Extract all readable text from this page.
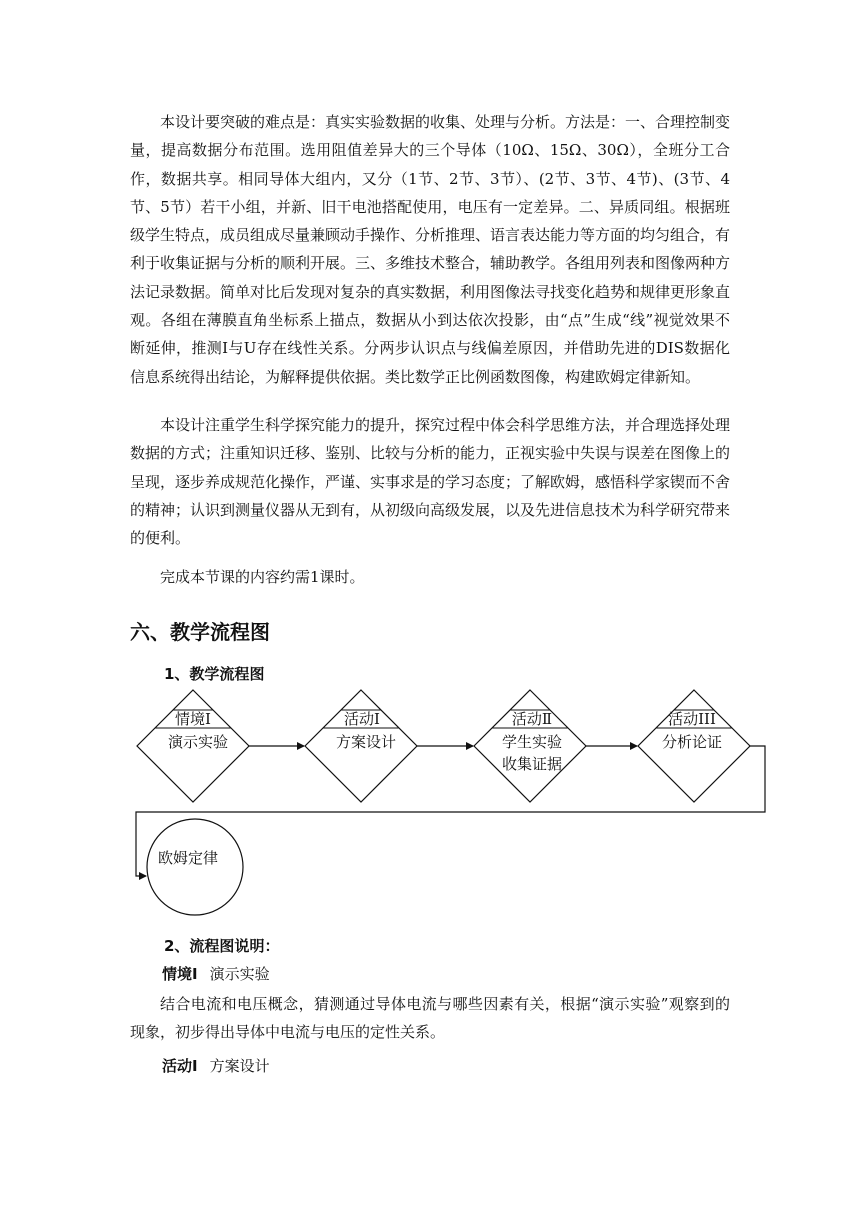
本设计要突破的难点是：真实实验数据的收集、处理与分析。方法是：一、合理控制变量，提高数据分布范围。选用阻值差异大的三个导体（10Ω、15Ω、30Ω），全班分工合作，数据共享。相同导体大组内，又分（1节、2节、3节）、(2节、3节、4节)、(3节、4节、5节）若干小组，并新、旧干电池搭配使用，电压有一定差异。二、异质同组。根据班级学生特点，成员组成尽量兼顾动手操作、分析推理、语言表达能力等方面的均匀组合，有利于收集证据与分析的顺利开展。三、多维技术整合，辅助教学。各组用列表和图像两种方法记录数据。简单对比后发现对复杂的真实数据，利用图像法寻找变化趋势和规律更形象直观。各组在薄膜直角坐标系上描点，数据从小到达依次投影，由“点”生成“线”视觉效果不断延伸，推测I与U存在线性关系。分两步认识点与线偏差原因，并借助先进的DIS数据化信息系统得出结论，为解释提供依据。类比数学正比例函数图像，构建欧姆定律新知。

本设计注重学生科学探究能力的提升，探究过程中体会科学思维方法，并合理选择处理数据的方式；注重知识迁移、鉴别、比较与分析的能力，正视实验中失误与误差在图像上的呈现，逐步养成规范化操作，严谨、实事求是的学习态度；了解欧姆，感悟科学家锲而不舍的精神；认识到测量仪器从无到有，从初级向高级发展，以及先进信息技术为科学研究带来的便利。

完成本节课的内容约需1课时。

六、教学流程图
1、教学流程图
情境Ⅰ
演示实验
活动Ⅰ
方案设计
活动Ⅱ
学生实验
收集证据
活动III
分析论证
欧姆定律
2、流程图说明：

情境Ⅰ 演示实验

结合电流和电压概念，猜测通过导体电流与哪些因素有关，根据“演示实验”观察到的现象，初步得出导体中电流与电压的定性关系。

活动Ⅰ 方案设计
